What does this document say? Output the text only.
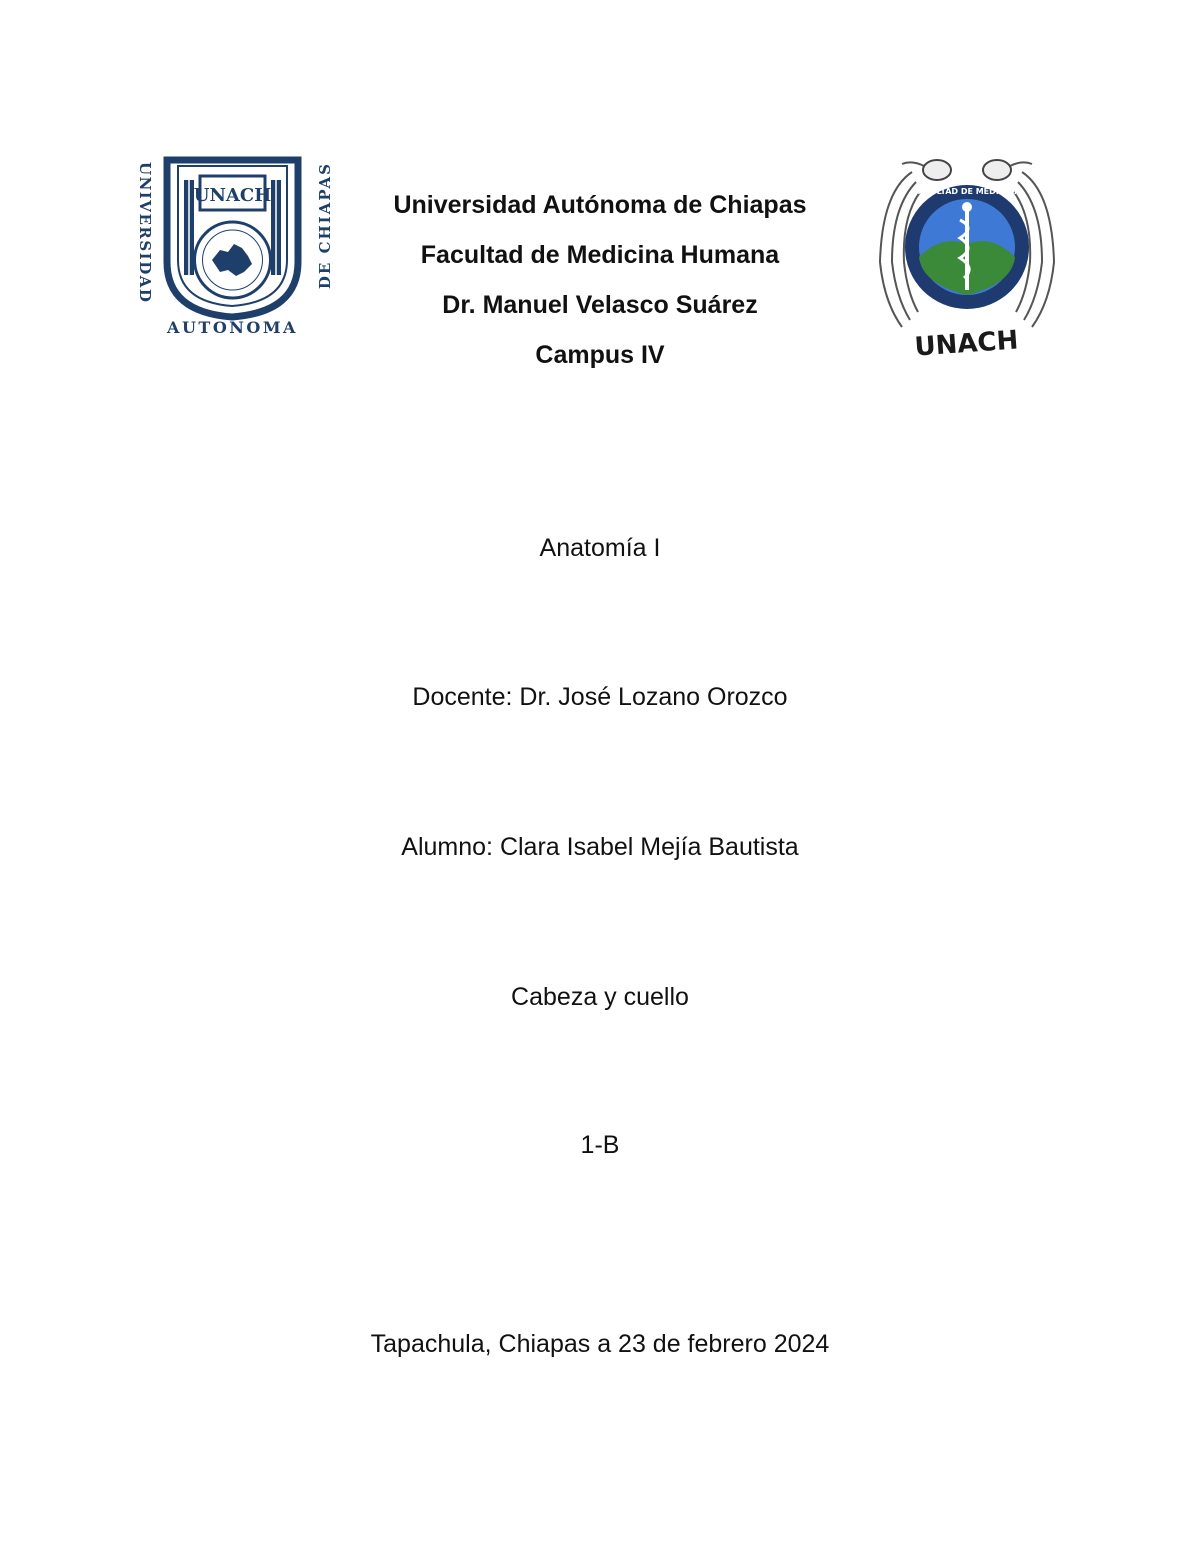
UNIVERSIDAD	DE CHIAPAS
UNACH
AUTONOMA
Universidad Autónoma de Chiapas
Facultad de Medicina Humana
Dr. Manuel Velasco Suárez
Campus IV
FACULTAD DE MEDICINA
UNACH
Anatomía I
Docente: Dr. José Lozano Orozco
Alumno: Clara Isabel Mejía Bautista
Cabeza y cuello
1-B
Tapachula, Chiapas a 23 de febrero 2024
